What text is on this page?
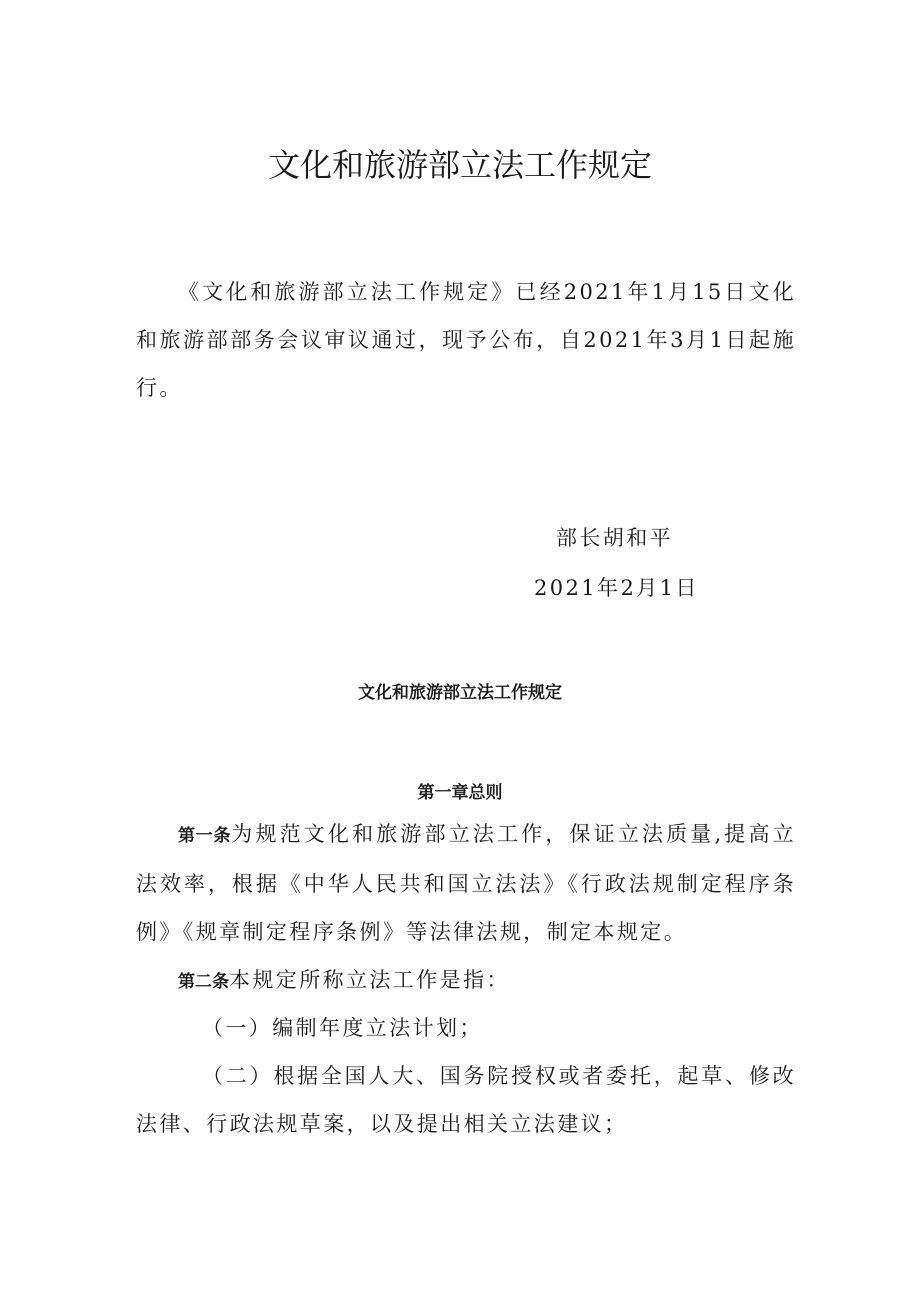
文化和旅游部立法工作规定

《文化和旅游部立法工作规定》已经2021年1月15日文化和旅游部部务会议审议通过，现予公布，自2021年3月1日起施行。

部长胡和平
2021年2月1日
文化和旅游部立法工作规定
第一章总则

第一条为规范文化和旅游部立法工作，保证立法质量,提高立法效率，根据《中华人民共和国立法法》《行政法规制定程序条例》《规章制定程序条例》等法律法规，制定本规定。

第二条本规定所称立法工作是指：

（一）编制年度立法计划；

（二）根据全国人大、国务院授权或者委托，起草、修改法律、行政法规草案，以及提出相关立法建议；
